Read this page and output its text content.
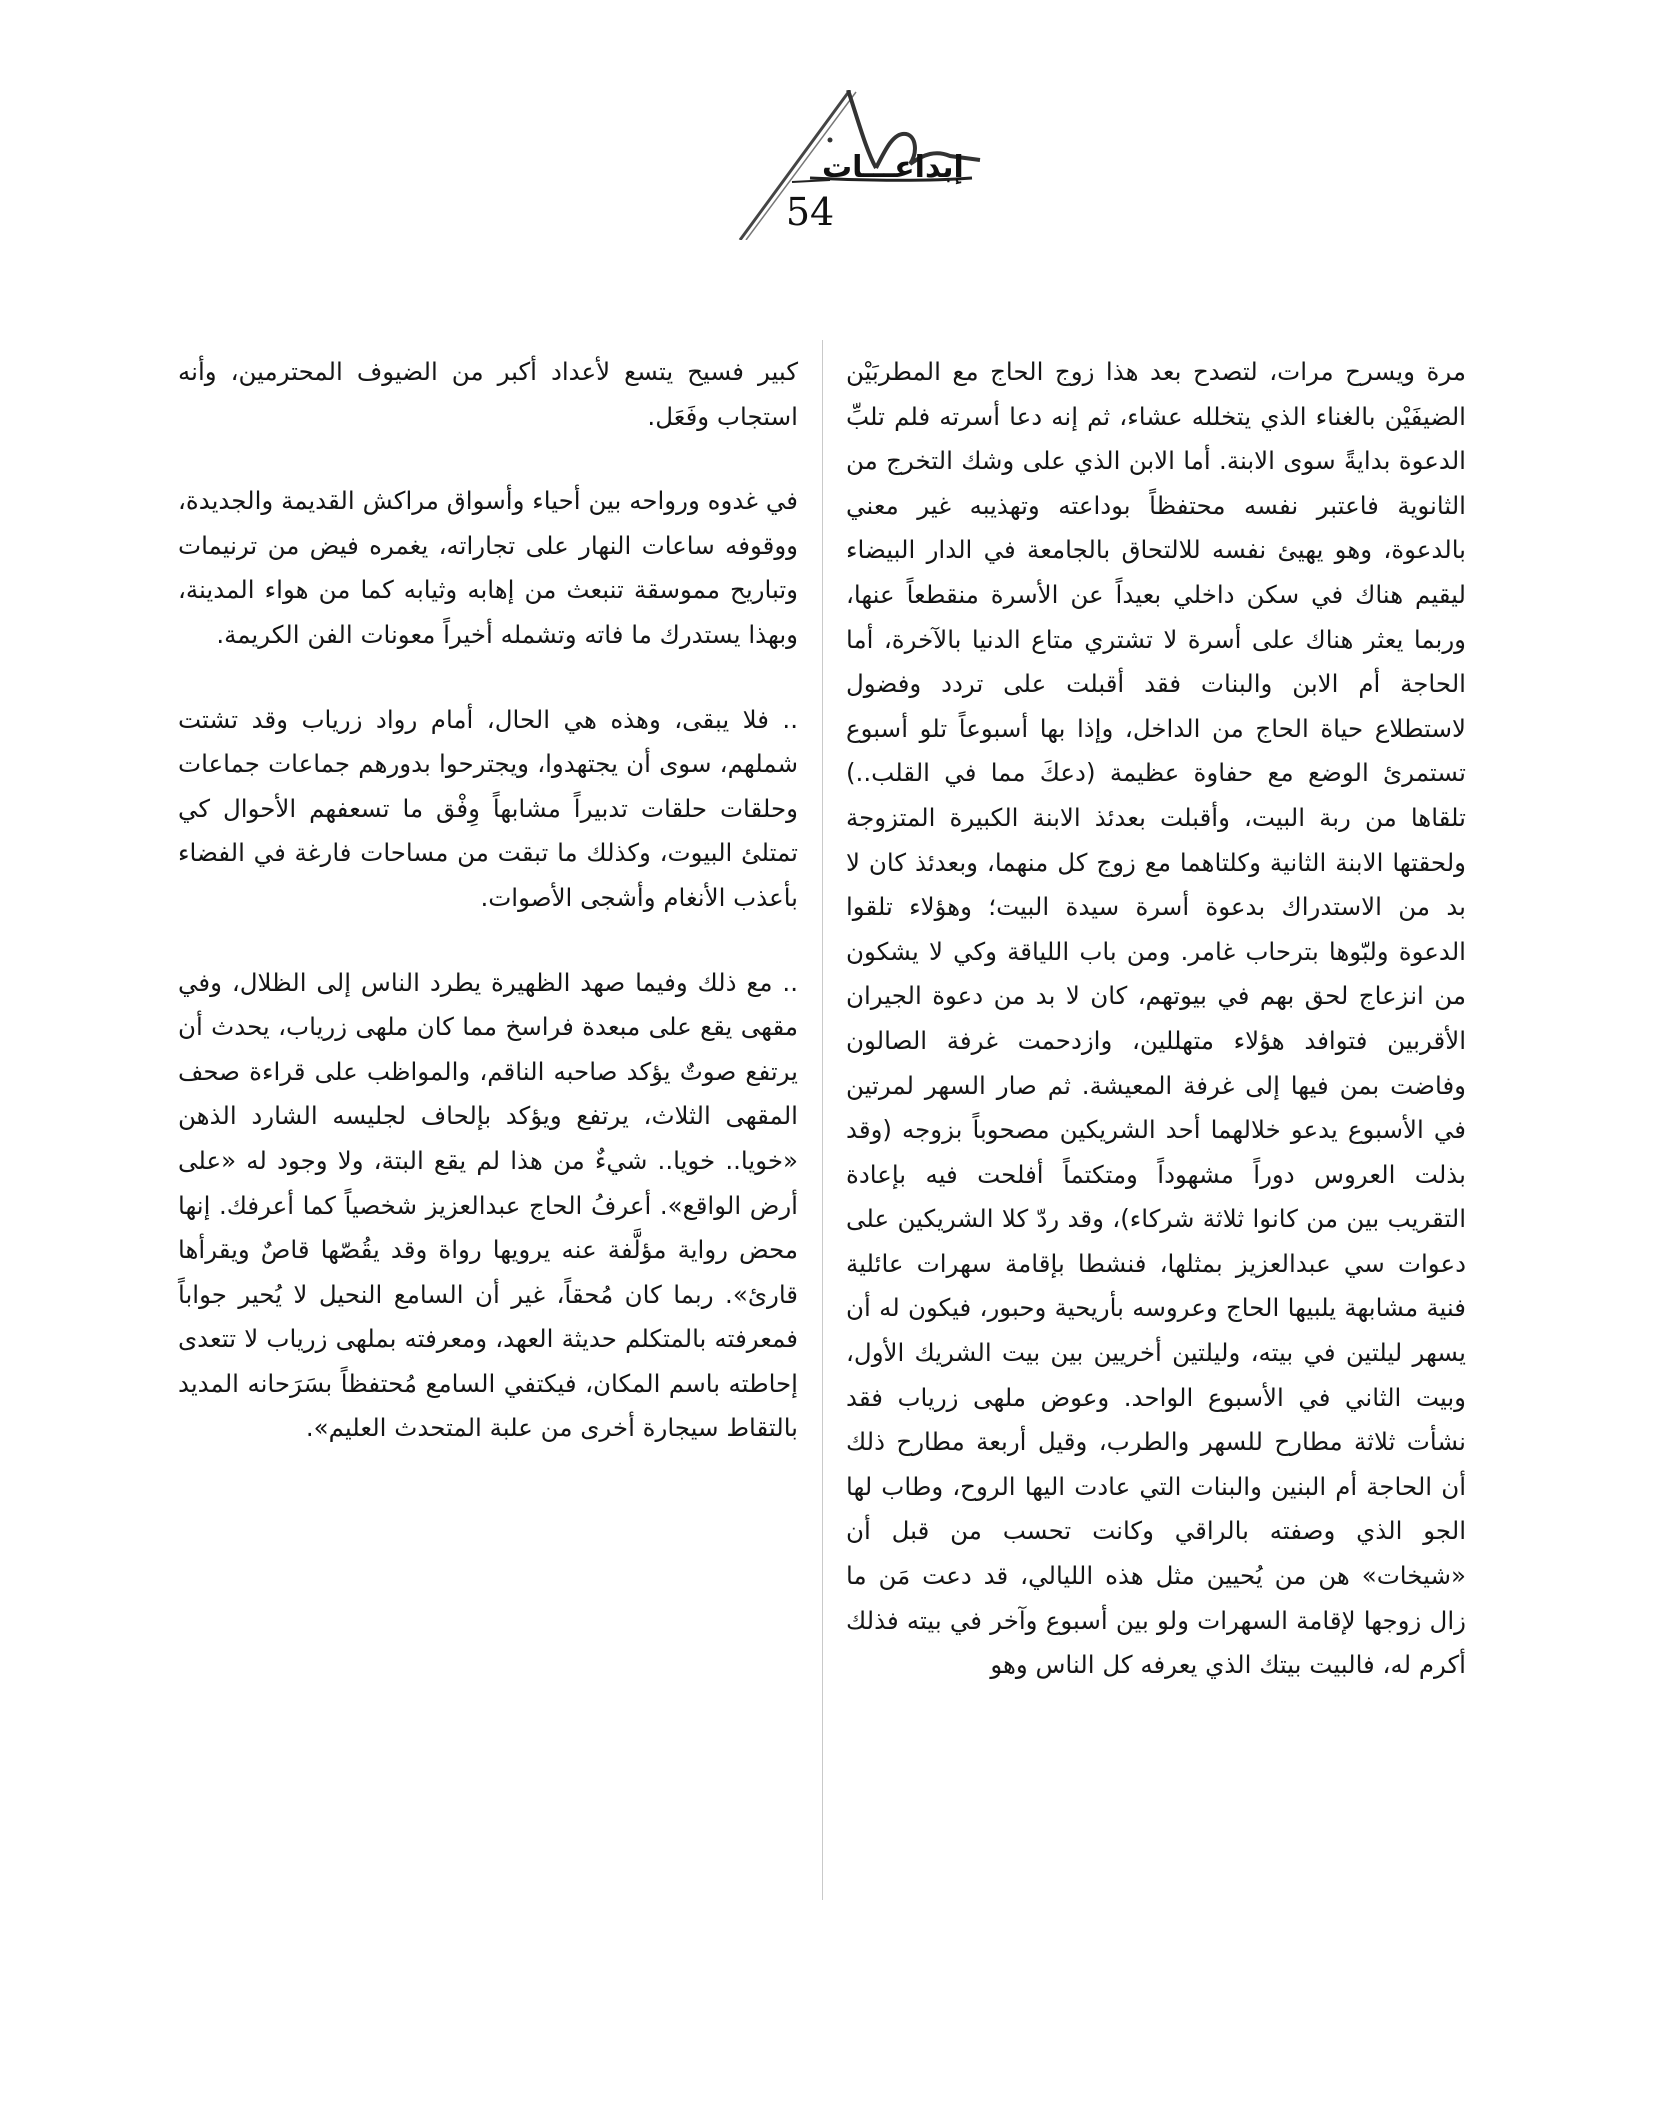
إبداعـــات
54

مرة ويسرح مرات، لتصدح بعد هذا زوج الحاج مع المطربَيْن الضيفَيْن بالغناء الذي يتخلله عشاء، ثم إنه دعا أسرته فلم تلبِّ الدعوة بدايةً سوى الابنة. أما الابن الذي على وشك التخرج من الثانوية فاعتبر نفسه محتفظاً بوداعته وتهذيبه غير معني بالدعوة، وهو يهيئ نفسه للالتحاق بالجامعة في الدار البيضاء ليقيم هناك في سكن داخلي بعيداً عن الأسرة منقطعاً عنها، وربما يعثر هناك على أسرة لا تشتري متاع الدنيا بالآخرة، أما الحاجة أم الابن والبنات فقد أقبلت على تردد وفضول لاستطلاع حياة الحاج من الداخل، وإذا بها أسبوعاً تلو أسبوع تستمرئ الوضع مع حفاوة عظيمة (دعكَ مما في القلب..) تلقاها من ربة البيت، وأقبلت بعدئذ الابنة الكبيرة المتزوجة ولحقتها الابنة الثانية وكلتاهما مع زوج كل منهما، وبعدئذ كان لا بد من الاستدراك بدعوة أسرة سيدة البيت؛ وهؤلاء تلقوا الدعوة ولبّوها بترحاب غامر. ومن باب اللياقة وكي لا يشكون من انزعاج لحق بهم في بيوتهم، كان لا بد من دعوة الجيران الأقربين فتوافد هؤلاء متهللين، وازدحمت غرفة الصالون وفاضت بمن فيها إلى غرفة المعيشة. ثم صار السهر لمرتين في الأسبوع يدعو خلالهما أحد الشريكين مصحوباً بزوجه (وقد بذلت العروس دوراً مشهوداً ومتكتماً أفلحت فيه بإعادة التقريب بين من كانوا ثلاثة شركاء)، وقد ردّ كلا الشريكين على دعوات سي عبدالعزيز بمثلها، فنشطا بإقامة سهرات عائلية فنية مشابهة يلبيها الحاج وعروسه بأريحية وحبور، فيكون له أن يسهر ليلتين في بيته، وليلتين أخريين بين بيت الشريك الأول، وبيت الثاني في الأسبوع الواحد. وعوض ملهى زرياب فقد نشأت ثلاثة مطارح للسهر والطرب، وقيل أربعة مطارح ذلك أن الحاجة أم البنين والبنات التي عادت اليها الروح، وطاب لها الجو الذي وصفته بالراقي وكانت تحسب من قبل أن «شيخات» هن من يُحيين مثل هذه الليالي، قد دعت مَن ما زال زوجها لإقامة السهرات ولو بين أسبوع وآخر في بيته فذلك أكرم له، فالبيت بيتك الذي يعرفه كل الناس وهو

كبير فسيح يتسع لأعداد أكبر من الضيوف المحترمين، وأنه استجاب وفَعَل.

في غدوه ورواحه بين أحياء وأسواق مراكش القديمة والجديدة، ووقوفه ساعات النهار على تجاراته، يغمره فيض من ترنيمات وتباريح مموسقة تنبعث من إهابه وثيابه كما من هواء المدينة، وبهذا يستدرك ما فاته وتشمله أخيراً معونات الفن الكريمة.

.. فلا يبقى، وهذه هي الحال، أمام رواد زرياب وقد تشتت شملهم، سوى أن يجتهدوا، ويجترحوا بدورهم جماعات جماعات وحلقات حلقات تدبيراً مشابهاً وِفْق ما تسعفهم الأحوال كي تمتلئ البيوت، وكذلك ما تبقت من مساحات فارغة في الفضاء بأعذب الأنغام وأشجى الأصوات.

.. مع ذلك وفيما صهد الظهيرة يطرد الناس إلى الظلال، وفي مقهى يقع على مبعدة فراسخ مما كان ملهى زرياب، يحدث أن يرتفع صوتٌ يؤكد صاحبه الناقم، والمواظب على قراءة صحف المقهى الثلاث، يرتفع ويؤكد بإلحاف لجليسه الشارد الذهن «خويا.. خويا.. شيءٌ من هذا لم يقع البتة، ولا وجود له «على أرض الواقع». أعرفُ الحاج عبدالعزيز شخصياً كما أعرفك. إنها محض رواية مؤلَّفة عنه يرويها رواة وقد يقُصّها قاصٌ ويقرأها قارئ». ربما كان مُحقاً، غير أن السامع النحيل لا يُحير جواباً فمعرفته بالمتكلم حديثة العهد، ومعرفته بملهى زرياب لا تتعدى إحاطته باسم المكان، فيكتفي السامع مُحتفظاً بسَرَحانه المديد بالتقاط سيجارة أخرى من علبة المتحدث العليم».
